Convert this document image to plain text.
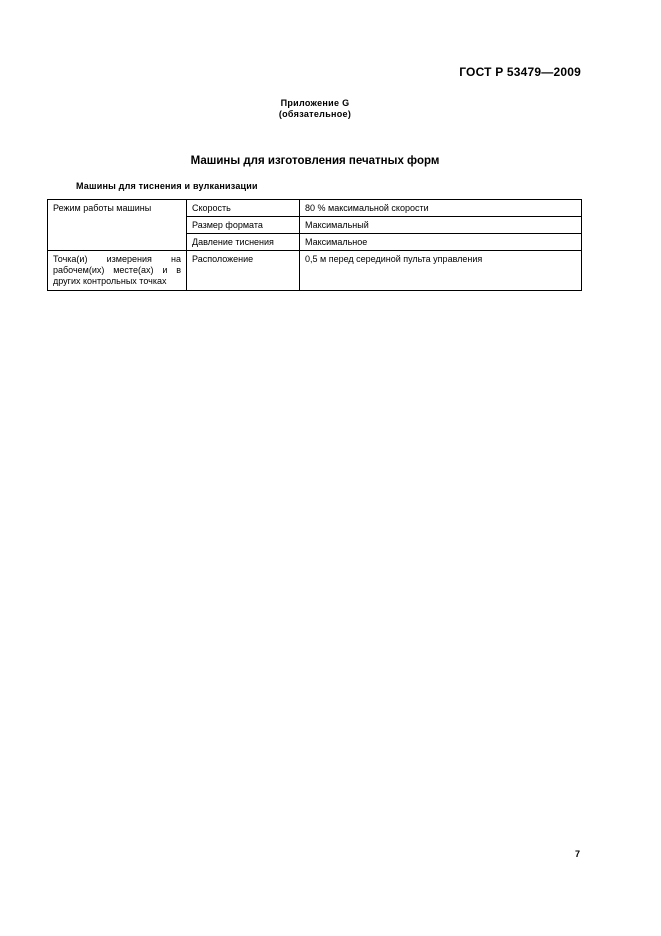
ГОСТ Р 53479—2009
Приложение G
(обязательное)
Машины для изготовления печатных форм
Машины для тиснения и вулканизации
Режим работы машины	Скорость	80 % максимальной скорости
	Размер формата	Максимальный
	Давление тиснения	Максимальное
Точка(и) измерения на рабочем(их) месте(ах) и в других контрольных точках	Расположение	0,5 м перед серединой пульта управления
7
